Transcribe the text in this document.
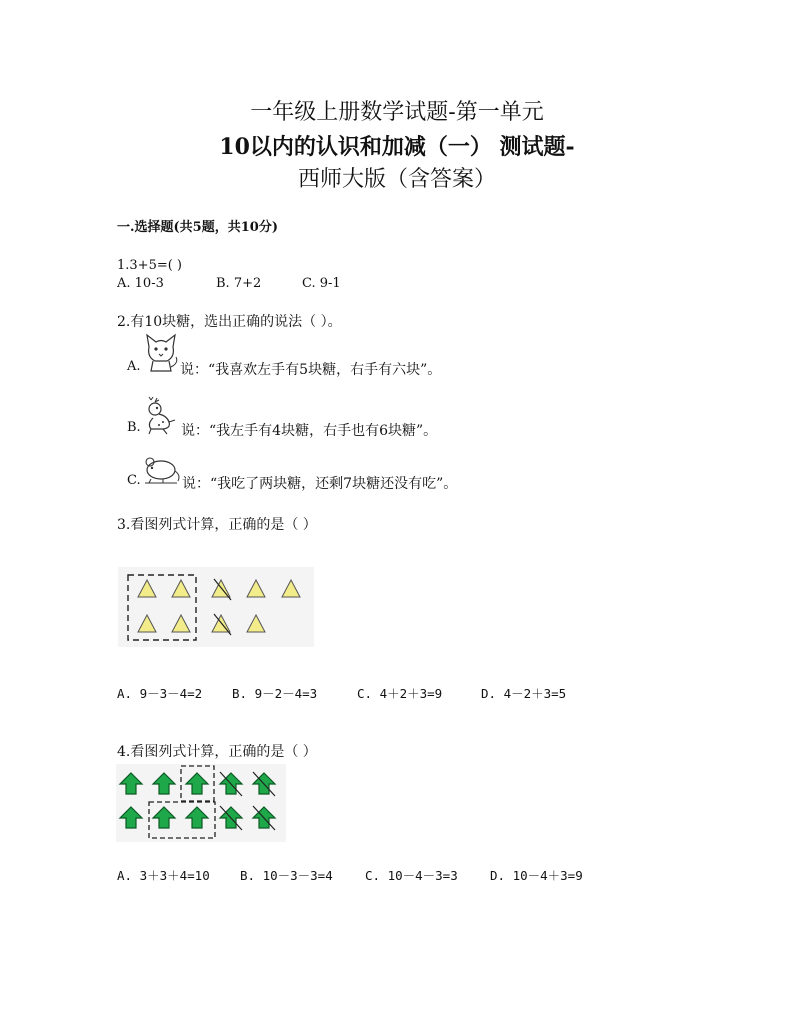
一年级上册数学试题-第一单元
10以内的认识和加减（一） 测试题-
西师大版（含答案）
一.选择题(共5题，共10分)
1.3+5=( )
A. 10-3	B. 7+2	C. 9-1
2.有10块糖，选出正确的说法（ ）。
A.	说：“我喜欢左手有5块糖，右手有六块”。
B.	说：“我左手有4块糖，右手也有6块糖”。
C.	说：“我吃了两块糖，还剩7块糖还没有吃”。
3.看图列式计算，正确的是（ ）
A. 9－3－4=2 B. 9－2－4=3	C. 4＋2＋3=9	D. 4－2＋3=5
4.看图列式计算，正确的是（ ）
A. 3＋3＋4=10 B. 10－3－3=4	C. 10－4－3=3	D. 10－4＋3=9
